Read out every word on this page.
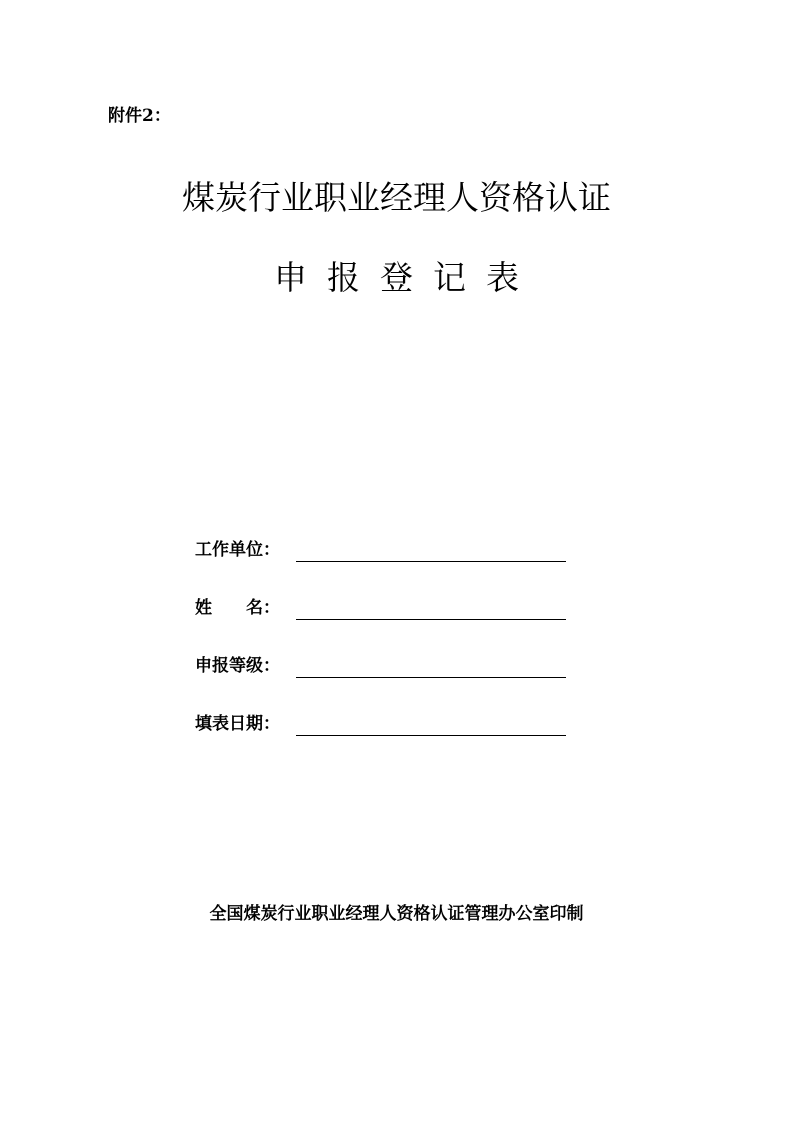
附件2：
煤炭行业职业经理人资格认证
申报登记表
工作单位：
姓　　名：
申报等级：
填表日期：
全国煤炭行业职业经理人资格认证管理办公室印制
